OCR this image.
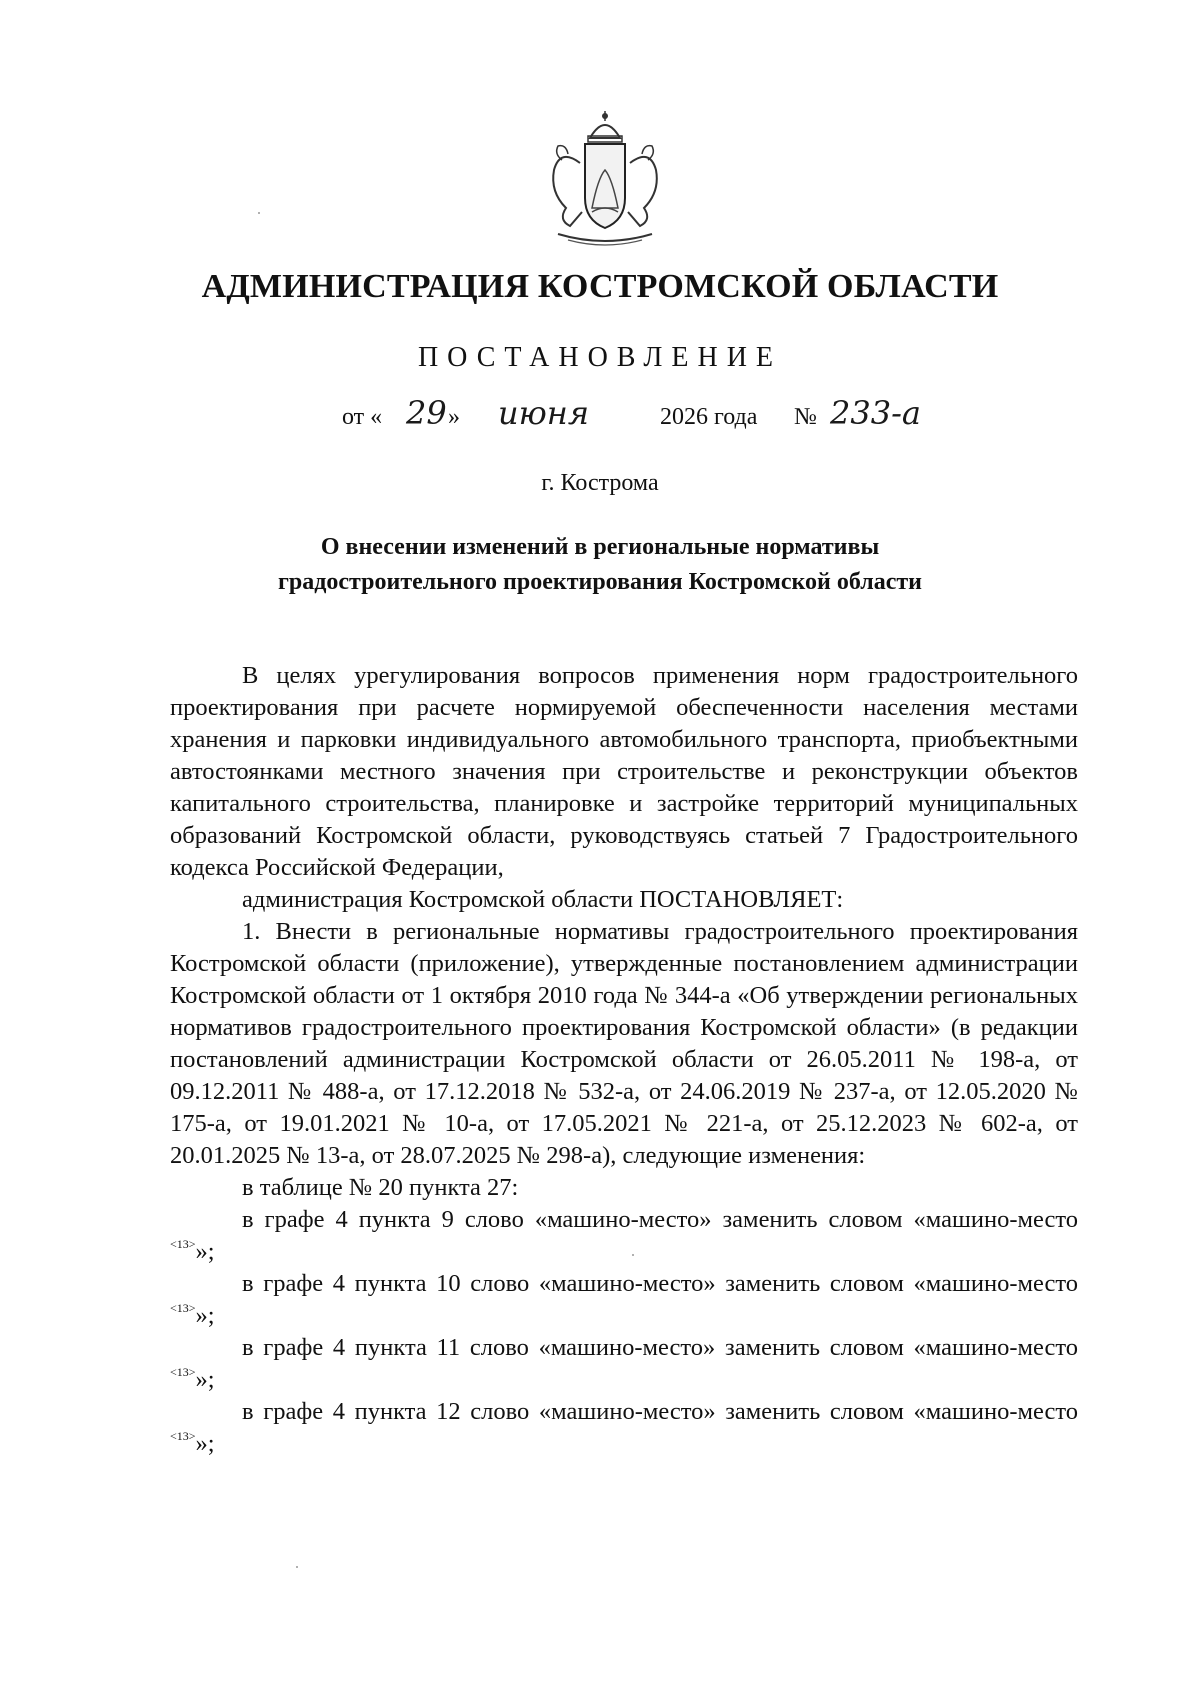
АДМИНИСТРАЦИЯ КОСТРОМСКОЙ ОБЛАСТИ
ПОСТАНОВЛЕНИЕ
от « 29 » июня	2026 года № 233-а
г. Кострома
О внесении изменений в региональные нормативы
градостроительного проектирования Костромской области

В целях урегулирования вопросов применения норм градостроительного проектирования при расчете нормируемой обеспеченности населения местами хранения и парковки индивидуального автомобильного транспорта, приобъектными автостоянками местного значения при строительстве и реконструкции объектов капитального строительства, планировке и застройке территорий муниципальных образований Костромской области, руководствуясь статьей 7 Градостроительного кодекса Российской Федерации,

администрация Костромской области ПОСТАНОВЛЯЕТ:

1. Внести в региональные нормативы градостроительного проектирования Костромской области (приложение), утвержденные постановлением администрации Костромской области от 1 октября 2010 года № 344-а «Об утверждении региональных нормативов градостроительного проектирования Костромской области» (в редакции постановлений администрации Костромской области от 26.05.2011 № 198-а, от 09.12.2011 № 488-а, от 17.12.2018 № 532-а, от 24.06.2019 № 237-а, от 12.05.2020 № 175-а, от 19.01.2021 № 10-а, от 17.05.2021 № 221-а, от 25.12.2023 № 602-а, от 20.01.2025 № 13-а, от 28.07.2025 № 298-а), следующие изменения:

в таблице № 20 пункта 27:

в графе 4 пункта 9 слово «машино-место» заменить словом «машино-место $^{<13>}$»;

в графе 4 пункта 10 слово «машино-место» заменить словом «машино-место $^{<13>}$»;

в графе 4 пункта 11 слово «машино-место» заменить словом «машино-место $^{<13>}$»;

в графе 4 пункта 12 слово «машино-место» заменить словом «машино-место $^{<13>}$»;
